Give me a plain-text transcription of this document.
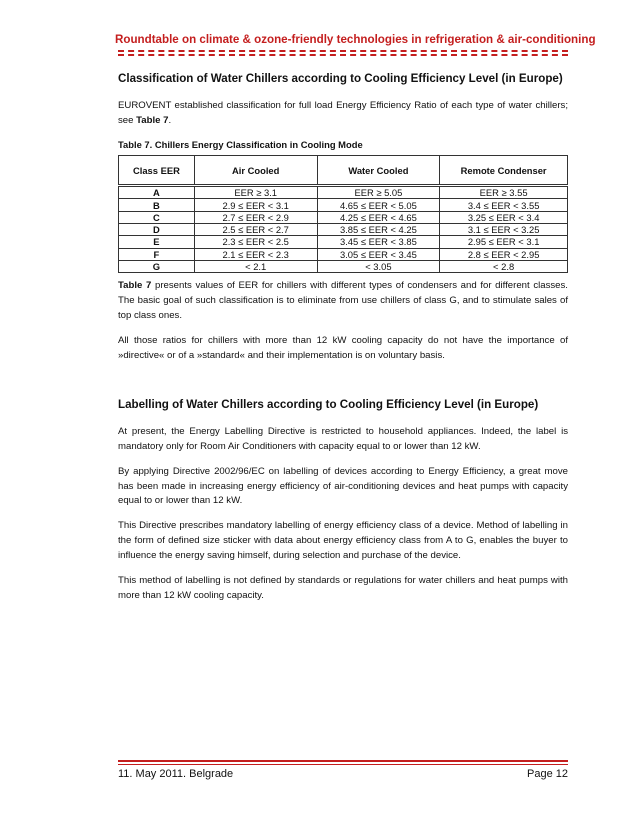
Roundtable on climate & ozone-friendly technologies in refrigeration & air-conditioning
Classification of Water Chillers according to Cooling Efficiency Level (in Europe)

EUROVENT established classification for full load Energy Efficiency Ratio of each type of water chillers; see Table 7.

Table 7. Chillers Energy Classification in Cooling Mode
Class EER	Air Cooled	Water Cooled	Remote Condenser
A	EER ≥ 3.1	EER ≥ 5.05	EER ≥ 3.55
B	2.9 ≤ EER < 3.1	4.65 ≤ EER < 5.05	3.4 ≤ EER < 3.55
C	2.7 ≤ EER < 2.9	4.25 ≤ EER < 4.65	3.25 ≤ EER < 3.4
D	2.5 ≤ EER < 2.7	3.85 ≤ EER < 4.25	3.1 ≤ EER < 3.25
E	2.3 ≤ EER < 2.5	3.45 ≤ EER < 3.85	2.95 ≤ EER < 3.1
F	2.1 ≤ EER < 2.3	3.05 ≤ EER < 3.45	2.8 ≤ EER < 2.95
G	< 2.1	< 3.05	< 2.8

Table 7 presents values of EER for chillers with different types of condensers and for different classes. The basic goal of such classification is to eliminate from use chillers of class G, and to stimulate sales of top class ones.

All those ratios for chillers with more than 12 kW cooling capacity do not have the importance of »directive« or of a »standard« and their implementation is on voluntary basis.

Labelling of Water Chillers according to Cooling Efficiency Level (in Europe)

At present, the Energy Labelling Directive is restricted to household appliances. Indeed, the label is mandatory only for Room Air Conditioners with capacity equal to or lower than 12 kW.

By applying Directive 2002/96/EC on labelling of devices according to Energy Efficiency, a great move has been made in increasing energy efficiency of air-conditioning devices and heat pumps with capacity equal to or lower than 12 kW.

This Directive prescribes mandatory labelling of energy efficiency class of a device. Method of labelling in the form of defined size sticker with data about energy efficiency class from A to G, enables the buyer to influence the energy saving himself, during selection and purchase of the device.

This method of labelling is not defined by standards or regulations for water chillers and heat pumps with more than 12 kW cooling capacity.

11. May 2011. Belgrade	Page 12
